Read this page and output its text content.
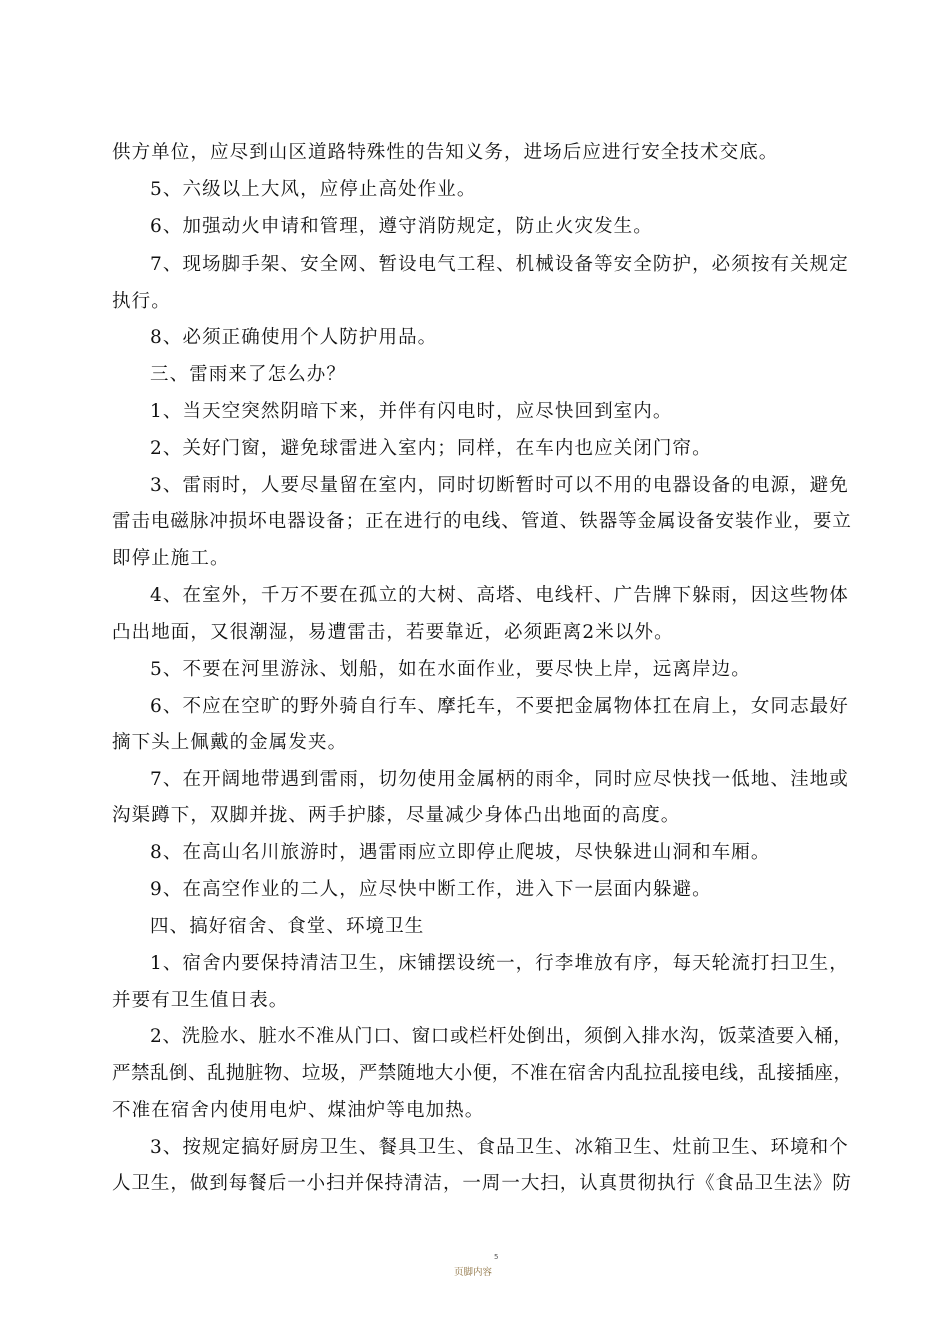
供方单位，应尽到山区道路特殊性的告知义务，进场后应进行安全技术交底。
5、六级以上大风，应停止高处作业。
6、加强动火申请和管理，遵守消防规定，防止火灾发生。
7、现场脚手架、安全网、暂设电气工程、机械设备等安全防护，必须按有关规定
执行。
8、必须正确使用个人防护用品。
三、雷雨来了怎么办？
1、当天空突然阴暗下来，并伴有闪电时，应尽快回到室内。
2、关好门窗，避免球雷进入室内；同样，在车内也应关闭门帘。
3、雷雨时，人要尽量留在室内，同时切断暂时可以不用的电器设备的电源，避免
雷击电磁脉冲损坏电器设备；正在进行的电线、管道、铁器等金属设备安装作业，要立
即停止施工。
4、在室外，千万不要在孤立的大树、高塔、电线杆、广告牌下躲雨，因这些物体
凸出地面，又很潮湿，易遭雷击，若要靠近，必须距离2米以外。
5、不要在河里游泳、划船，如在水面作业，要尽快上岸，远离岸边。
6、不应在空旷的野外骑自行车、摩托车，不要把金属物体扛在肩上，女同志最好
摘下头上佩戴的金属发夹。
7、在开阔地带遇到雷雨，切勿使用金属柄的雨伞，同时应尽快找一低地、洼地或
沟渠蹲下，双脚并拢、两手护膝，尽量减少身体凸出地面的高度。
8、在高山名川旅游时，遇雷雨应立即停止爬坡，尽快躲进山洞和车厢。
9、在高空作业的二人，应尽快中断工作，进入下一层面内躲避。
四、搞好宿舍、食堂、环境卫生
1、宿舍内要保持清洁卫生，床铺摆设统一，行李堆放有序，每天轮流打扫卫生，
并要有卫生值日表。
2、洗脸水、脏水不准从门口、窗口或栏杆处倒出，须倒入排水沟，饭菜渣要入桶，
严禁乱倒、乱抛脏物、垃圾，严禁随地大小便，不准在宿舍内乱拉乱接电线，乱接插座，
不准在宿舍内使用电炉、煤油炉等电加热。
3、按规定搞好厨房卫生、餐具卫生、食品卫生、冰箱卫生、灶前卫生、环境和个
人卫生，做到每餐后一小扫并保持清洁，一周一大扫，认真贯彻执行《食品卫生法》防
5
页脚内容
